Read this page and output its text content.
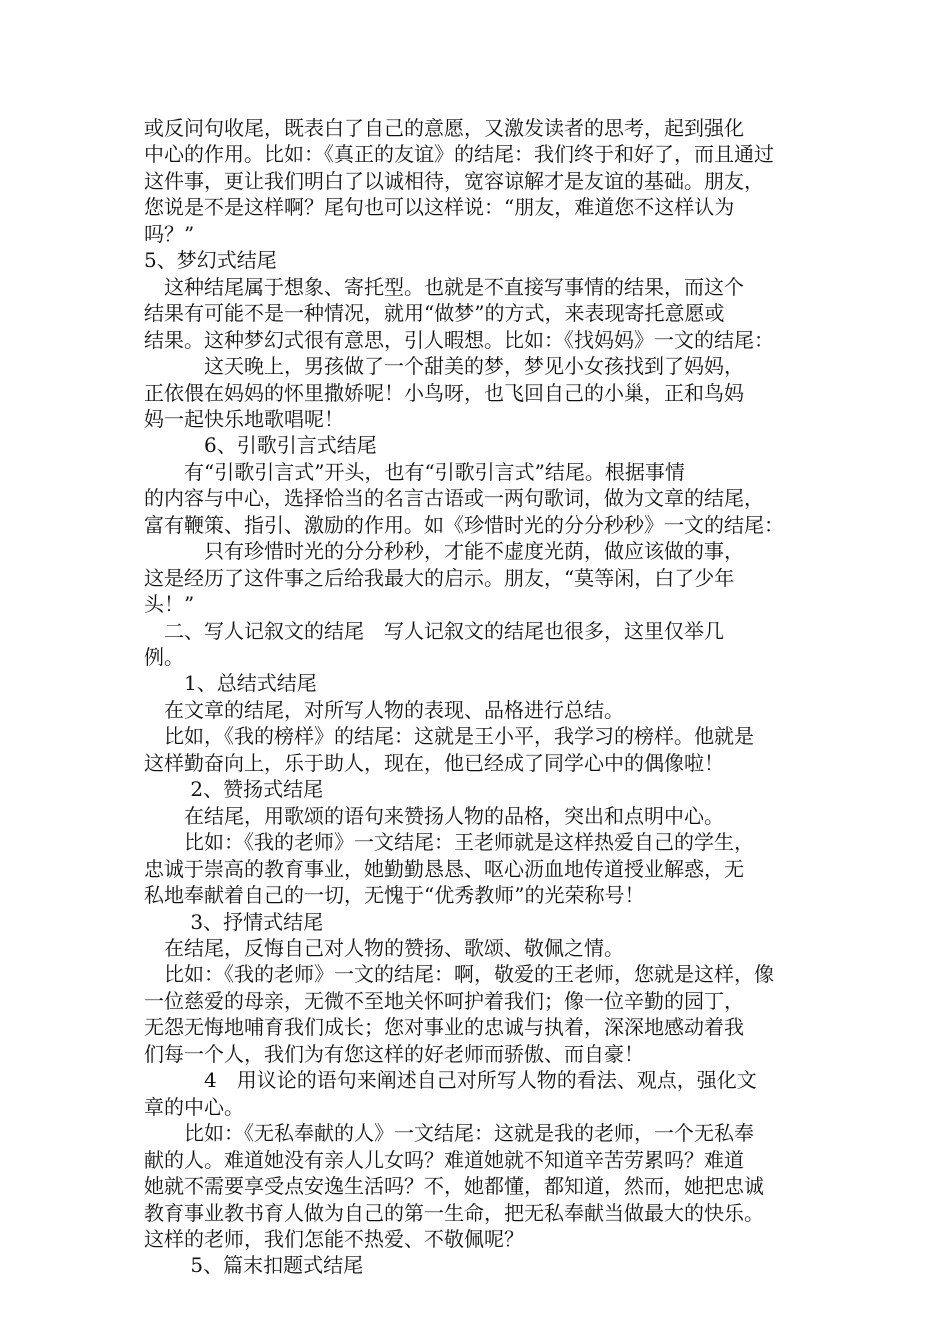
或反问句收尾，既表白了自己的意愿，又激发读者的思考，起到强化

中心的作用。比如：《真正的友谊》的结尾：我们终于和好了，而且通过

这件事，更让我们明白了以诚相待，宽容谅解才是友谊的基础。朋友，

您说是不是这样啊？尾句也可以这样说：“朋友，难道您不这样认为

吗？”

5、梦幻式结尾

　这种结尾属于想象、寄托型。也就是不直接写事情的结果，而这个

结果有可能不是一种情况，就用“做梦”的方式，来表现寄托意愿或

结果。这种梦幻式很有意思，引人暇想。比如：《找妈妈》一文的结尾：

　　　这天晚上，男孩做了一个甜美的梦，梦见小女孩找到了妈妈，

正依偎在妈妈的怀里撒娇呢！小鸟呀，也飞回自己的小巢，正和鸟妈

妈一起快乐地歌唱呢！

　　　6、引歌引言式结尾

　　有“引歌引言式”开头，也有“引歌引言式”结尾。根据事情

的内容与中心，选择恰当的名言古语或一两句歌词，做为文章的结尾，

富有鞭策、指引、激励的作用。如《珍惜时光的分分秒秒》一文的结尾：

　　　只有珍惜时光的分分秒秒，才能不虚度光荫，做应该做的事，

这是经历了这件事之后给我最大的启示。朋友，“莫等闲，白了少年

头！”

　二、写人记叙文的结尾　写人记叙文的结尾也很多，这里仅举几

例。

　　1、总结式结尾

　在文章的结尾，对所写人物的表现、品格进行总结。

　比如，《我的榜样》的结尾：这就是王小平，我学习的榜样。他就是

这样勤奋向上，乐于助人，现在，他已经成了同学心中的偶像啦！

　　 2、赞扬式结尾

　　在结尾，用歌颂的语句来赞扬人物的品格，突出和点明中心。

　　比如：《我的老师》一文结尾：王老师就是这样热爱自己的学生，

忠诚于崇高的教育事业，她勤勤恳恳、呕心沥血地传道授业解惑，无

私地奉献着自己的一切，无愧于“优秀教师”的光荣称号！

　　 3、抒情式结尾

　在结尾，反悔自己对人物的赞扬、歌颂、敬佩之情。

　比如：《我的老师》一文的结尾：啊，敬爱的王老师，您就是这样，像

一位慈爱的母亲，无微不至地关怀呵护着我们；像一位辛勤的园丁，

无怨无悔地哺育我们成长；您对事业的忠诚与执着，深深地感动着我

们每一个人，我们为有您这样的好老师而骄傲、而自豪！

　　　4　用议论的语句来阐述自己对所写人物的看法、观点，强化文

章的中心。

　　比如：《无私奉献的人》一文结尾：这就是我的老师，一个无私奉

献的人。难道她没有亲人儿女吗？难道她就不知道辛苦劳累吗？难道

她就不需要享受点安逸生活吗？不，她都懂，都知道，然而，她把忠诚

教育事业教书育人做为自己的第一生命，把无私奉献当做最大的快乐。

这样的老师，我们怎能不热爱、不敬佩呢？

　　 5、篇末扣题式结尾
